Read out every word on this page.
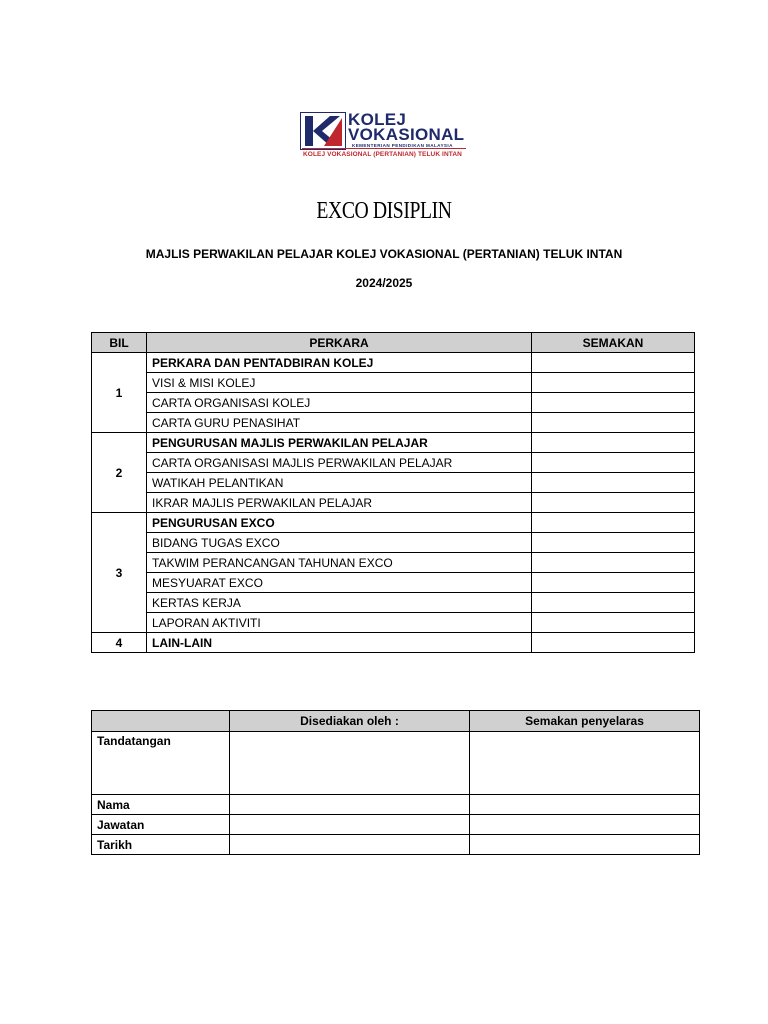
KOLEJ
VOKASIONAL
KEMENTERIAN PENDIDIKAN MALAYSIA
KOLEJ VOKASIONAL (PERTANIAN) TELUK INTAN
EXCO DISIPLIN
MAJLIS PERWAKILAN PELAJAR KOLEJ VOKASIONAL (PERTANIAN) TELUK INTAN
2024/2025
BIL	PERKARA	SEMAKAN
1	PERKARA DAN PENTADBIRAN KOLEJ	
	VISI & MISI KOLEJ	
	CARTA ORGANISASI KOLEJ	
	CARTA GURU PENASIHAT	
2	PENGURUSAN MAJLIS PERWAKILAN PELAJAR	
	CARTA ORGANISASI MAJLIS PERWAKILAN PELAJAR	
	WATIKAH PELANTIKAN	
	IKRAR MAJLIS PERWAKILAN PELAJAR	
3	PENGURUSAN EXCO	
	BIDANG TUGAS EXCO	
	TAKWIM PERANCANGAN TAHUNAN EXCO	
	MESYUARAT EXCO	
	KERTAS KERJA	
	LAPORAN AKTIVITI	
4	LAIN-LAIN	
	Disediakan oleh :	Semakan penyelaras
Tandatangan		
Nama		
Jawatan		
Tarikh		
